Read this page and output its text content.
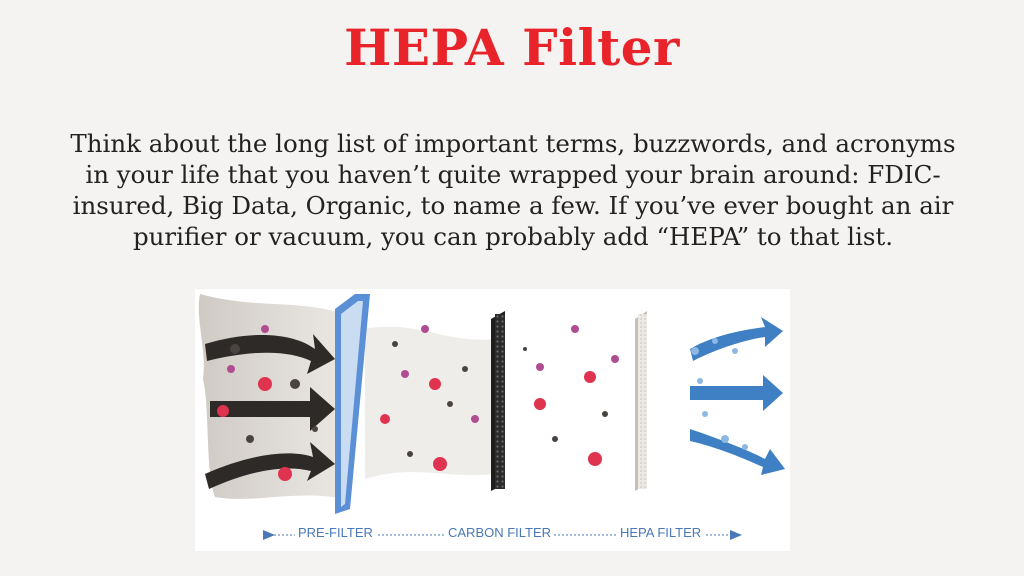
HEPA Filter
Think about the long list of important terms, buzzwords, and acronyms
in your life that you haven’t quite wrapped your brain around: FDIC-
insured, Big Data, Organic, to name a few. If you’ve ever bought an air
purifier or vacuum, you can probably add “HEPA” to that list.
PRE-FILTER	CARBON FILTER	HEPA FILTER
